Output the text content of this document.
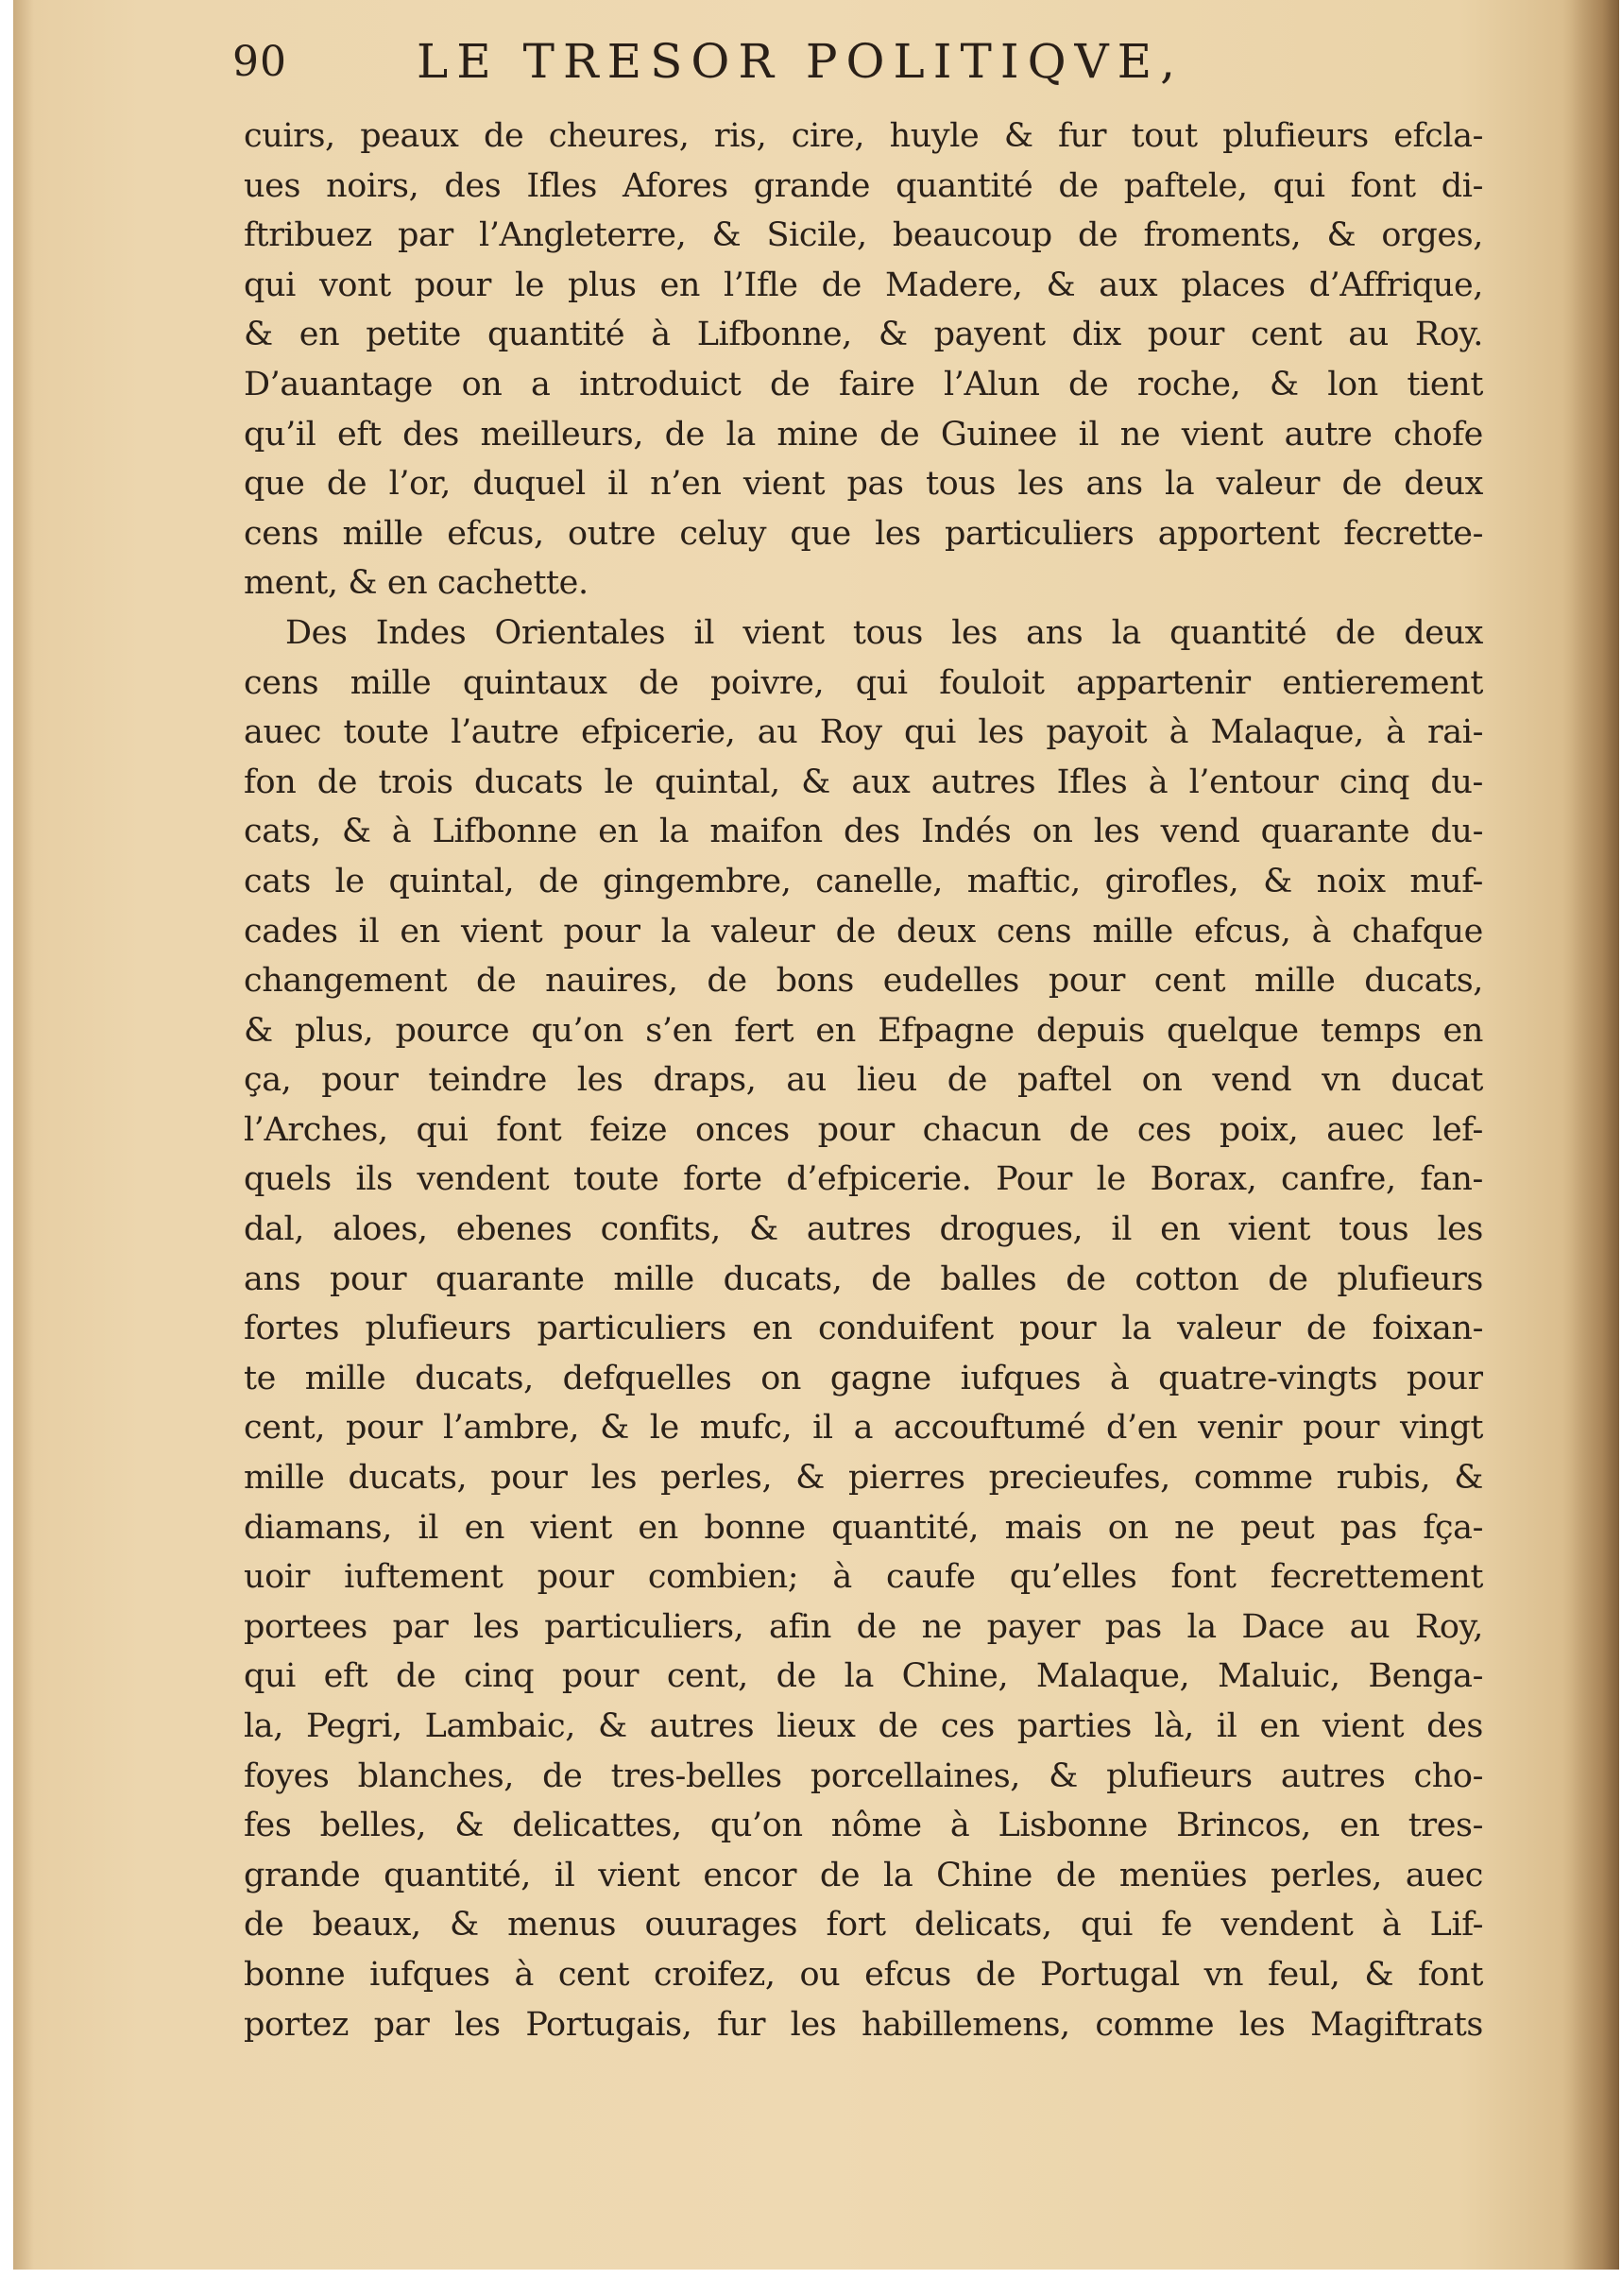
90	LE TRESOR POLITIQVE,
cuirs, peaux de cheures, ris, cire, huyle & fur tout plufieurs efcla-
ues noirs, des Ifles Afores grande quantité de paftele, qui font di-
ftribuez par l’Angleterre, & Sicile, beaucoup de froments, & orges,
qui vont pour le plus en l’Ifle de Madere, & aux places d’Affrique,
& en petite quantité à Lifbonne, & payent dix pour cent au Roy.
D’auantage on a introduict de faire l’Alun de roche, & lon tient
qu’il eft des meilleurs, de la mine de Guinee il ne vient autre chofe
que de l’or, duquel il n’en vient pas tous les ans la valeur de deux
cens mille efcus, outre celuy que les particuliers apportent fecrette-
ment, & en cachette.
Des Indes Orientales il vient tous les ans la quantité de deux
cens mille quintaux de poivre, qui fouloit appartenir entierement
auec toute l’autre efpicerie, au Roy qui les payoit à Malaque, à rai-
fon de trois ducats le quintal, & aux autres Ifles à l’entour cinq du-
cats, & à Lifbonne en la maifon des Indés on les vend quarante du-
cats le quintal, de gingembre, canelle, maftic, girofles, & noix muf-
cades il en vient pour la valeur de deux cens mille efcus, à chafque
changement de nauires, de bons eudelles pour cent mille ducats,
& plus, pource qu’on s’en fert en Efpagne depuis quelque temps en
ça, pour teindre les draps, au lieu de paftel on vend vn ducat
l’Arches, qui font feize onces pour chacun de ces poix, auec lef-
quels ils vendent toute forte d’efpicerie. Pour le Borax, canfre, fan-
dal, aloes, ebenes confits, & autres drogues, il en vient tous les
ans pour quarante mille ducats, de balles de cotton de plufieurs
fortes plufieurs particuliers en conduifent pour la valeur de foixan-
te mille ducats, defquelles on gagne iufques à quatre-vingts pour
cent, pour l’ambre, & le mufc, il a accouftumé d’en venir pour vingt
mille ducats, pour les perles, & pierres precieufes, comme rubis, &
diamans, il en vient en bonne quantité, mais on ne peut pas fça-
uoir iuftement pour combien; à caufe qu’elles font fecrettement
portees par les particuliers, afin de ne payer pas la Dace au Roy,
qui eft de cinq pour cent, de la Chine, Malaque, Maluic, Benga-
la, Pegri, Lambaic, & autres lieux de ces parties là, il en vient des
foyes blanches, de tres-belles porcellaines, & plufieurs autres cho-
fes belles, & delicattes, qu’on nôme à Lisbonne Brincos, en tres-
grande quantité, il vient encor de la Chine de menües perles, auec
de beaux, & menus ouurages fort delicats, qui fe vendent à Lif-
bonne iufques à cent croifez, ou efcus de Portugal vn feul, & font
portez par les Portugais, fur les habillemens, comme les Magiftrats
